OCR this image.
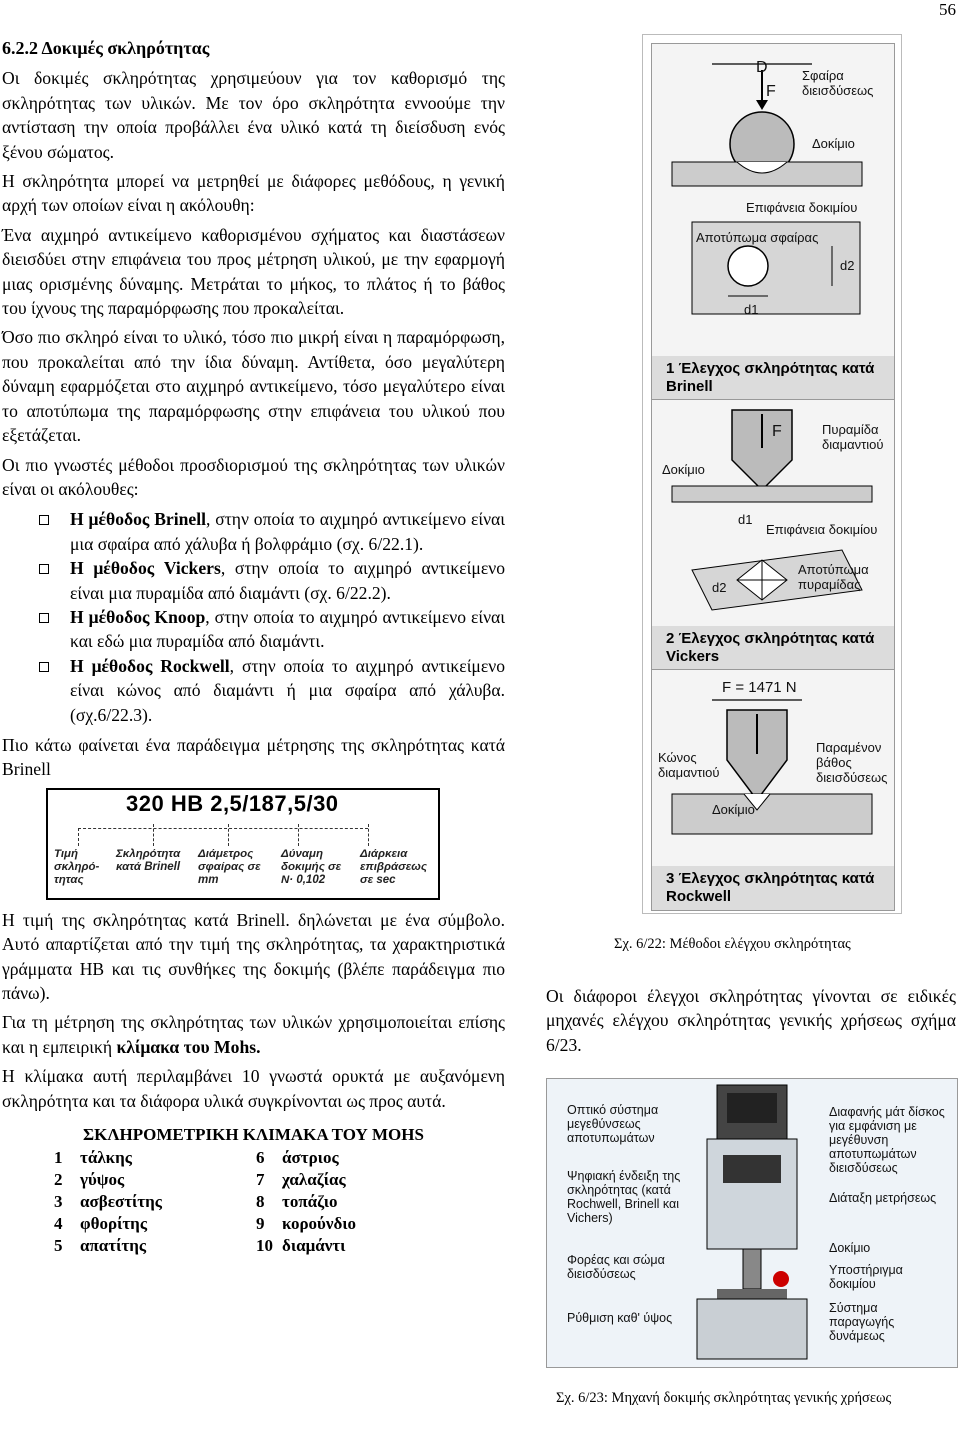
56
6.2.2 Δοκιμές σκληρότητας

Οι δοκιμές σκληρότητας χρησιμεύουν για τον καθορισμό της σκληρότητας των υλικών. Με τον όρο σκληρότητα εννοούμε την αντίσταση την οποία προβάλλει ένα υλικό κατά τη διείσδυση ενός ξένου σώματος.

Η σκληρότητα μπορεί να μετρηθεί με διάφορες μεθόδους, η γενική αρχή των οποίων είναι η ακόλουθη:

Ένα αιχμηρό αντικείμενο καθορισμένου σχήματος και διαστάσεων διεισδύει στην επιφάνεια του προς μέτρηση υλικού, με την εφαρμογή μιας ορισμένης δύναμης. Μετράται το μήκος, το πλάτος ή το βάθος του ίχνους της παραμόρφωσης που προκαλείται.

Όσο πιο σκληρό είναι το υλικό, τόσο πιο μικρή είναι η παραμόρφωση, που προκαλείται από την ίδια δύναμη. Αντίθετα, όσο μεγαλύτερη δύναμη εφαρμόζεται στο αιχμηρό αντικείμενο, τόσο μεγαλύτερο είναι το αποτύπωμα της παραμόρφωσης στην επιφάνεια του υλικού που εξετάζεται.

Οι πιο γνωστές μέθοδοι προσδιορισμού της σκληρότητας των υλικών είναι οι ακόλουθες:

Η μέθοδος Brinell, στην οποία το αιχμηρό αντικείμενο είναι μια σφαίρα από χάλυβα ή βολφράμιο (σχ. 6/22.1).
Η μέθοδος Vickers, στην οποία το αιχμηρό αντικείμενο είναι μια πυραμίδα από διαμάντι (σχ. 6/22.2).
Η μέθοδος Knoop, στην οποία το αιχμηρό αντικείμενο είναι και εδώ μια πυραμίδα από διαμάντι.
Η μέθοδος Rockwell, στην οποία το αιχμηρό αντικείμενο είναι κώνος από διαμάντι ή μια σφαίρα από χάλυβα.(σχ.6/22.3).

Πιο κάτω φαίνεται ένα παράδειγμα μέτρησης της σκληρότητας κατά Brinell

320 HB 2,5/187,5/30
Τιμή σκληρό-τητας
Σκληρότητα κατά Brinell
Διάμετρος σφαίρας σε mm
Δύναμη δοκιμής σε Ν· 0,102
Διάρκεια επιβράσεως σε sec

Η τιμή της σκληρότητας κατά Brinell. δηλώνεται με ένα σύμβολο. Αυτό απαρτίζεται από την τιμή της σκληρότητας, τα χαρακτηριστικά γράμματα HB και τις συνθήκες της δοκιμής (βλέπε παράδειγμα πιο πάνω).

Για τη μέτρηση της σκληρότητας των υλικών χρησιμοποιείται επίσης και η εμπειρική κλίμακα του Mohs.

Η κλίμακα αυτή περιλαμβάνει 10 γνωστά ορυκτά με αυξανόμενη σκληρότητα και τα διάφορα υλικά συγκρίνονται ως προς αυτά.

ΣΚΛΗΡΟΜΕΤΡΙΚΗ ΚΛΙΜΑΚΑ ΤΟΥ MOHS
1	τάλκης	6	άστριος
2	γύψος	7	χαλαζίας
3	ασβεστίτης	8	τοπάζιο
4	φθορίτης	9	κορούνδιο
5	απατίτης	10	διαμάντι
D
F
Σφαίρα διεισδύσεως
Δοκίμιο
Επιφάνεια δοκιμίου
Αποτύπωμα σφαίρας
d2
d1
1 Έλεγχος σκληρότητας κατά Brinell
F	Πυραμίδα διαμαντιού
Δοκίμιο
d1
Επιφάνεια δοκιμίου
d2
Αποτύπωμα πυραμίδας
2 Έλεγχος σκληρότητας κατά Vickers
F = 1471 N
Κώνος διαμαντιού
Παραμένον βάθος διεισδύσεως
Δοκίμιο
3 Έλεγχος σκληρότητας κατά Rockwell
Σχ. 6/22: Μέθοδοι ελέγχου σκληρότητας
Οι διάφοροι έλεγχοι σκληρότητας γίνονται σε ειδικές μηχανές ελέγχου σκληρότητας γενικής χρήσεως σχήμα 6/23.
Οπτικό σύστημα μεγεθύνσεως αποτυπωμάτων
Ψηφιακή ένδειξη της σκληρότητας (κατά Rochwell, Brinell και Vichers)
Φορέας και σώμα διεισδύσεως
Ρύθμιση καθ' ύψος
Διαφανής μάτ δίσκος για εμφάνιση με μεγέθυνση αποτυπωμάτων διεισδύσεως
Διάταξη μετρήσεως
Δοκίμιο
Υποστήριγμα δοκιμίου
Σύστημα παραγωγής δυνάμεως
Σχ. 6/23: Μηχανή δοκιμής σκληρότητας γενικής χρήσεως
